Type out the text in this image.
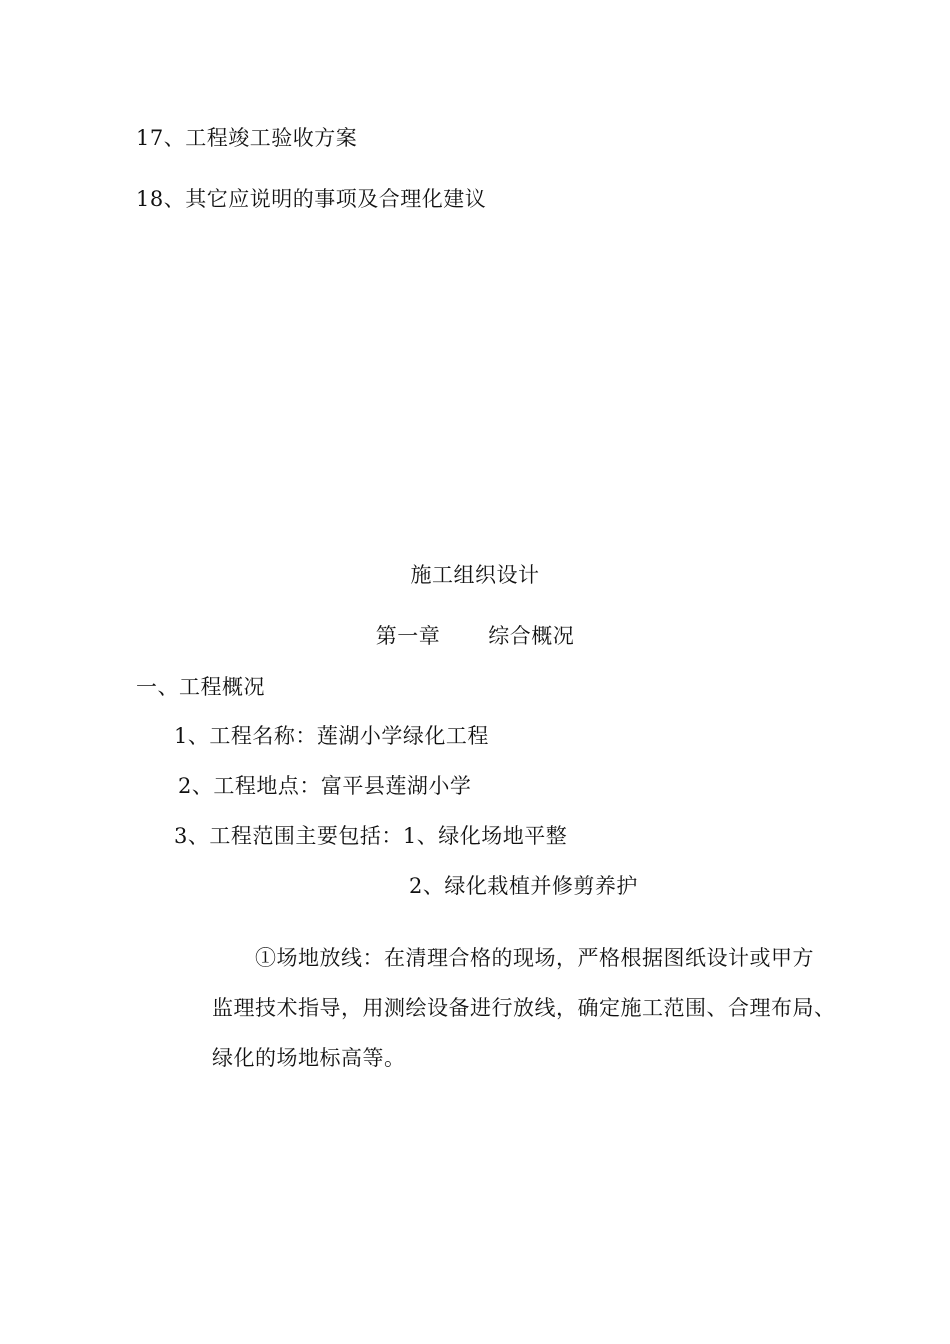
17、工程竣工验收方案
18、其它应说明的事项及合理化建议
施工组织设计
第一章 综合概况
一、工程概况
1、工程名称：莲湖小学绿化工程
2、工程地点：富平县莲湖小学
3、工程范围主要包括：1、绿化场地平整
2、绿化栽植并修剪养护
①场地放线：在清理合格的现场，严格根据图纸设计或甲方
监理技术指导，用测绘设备进行放线，确定施工范围、合理布局、
绿化的场地标高等。
